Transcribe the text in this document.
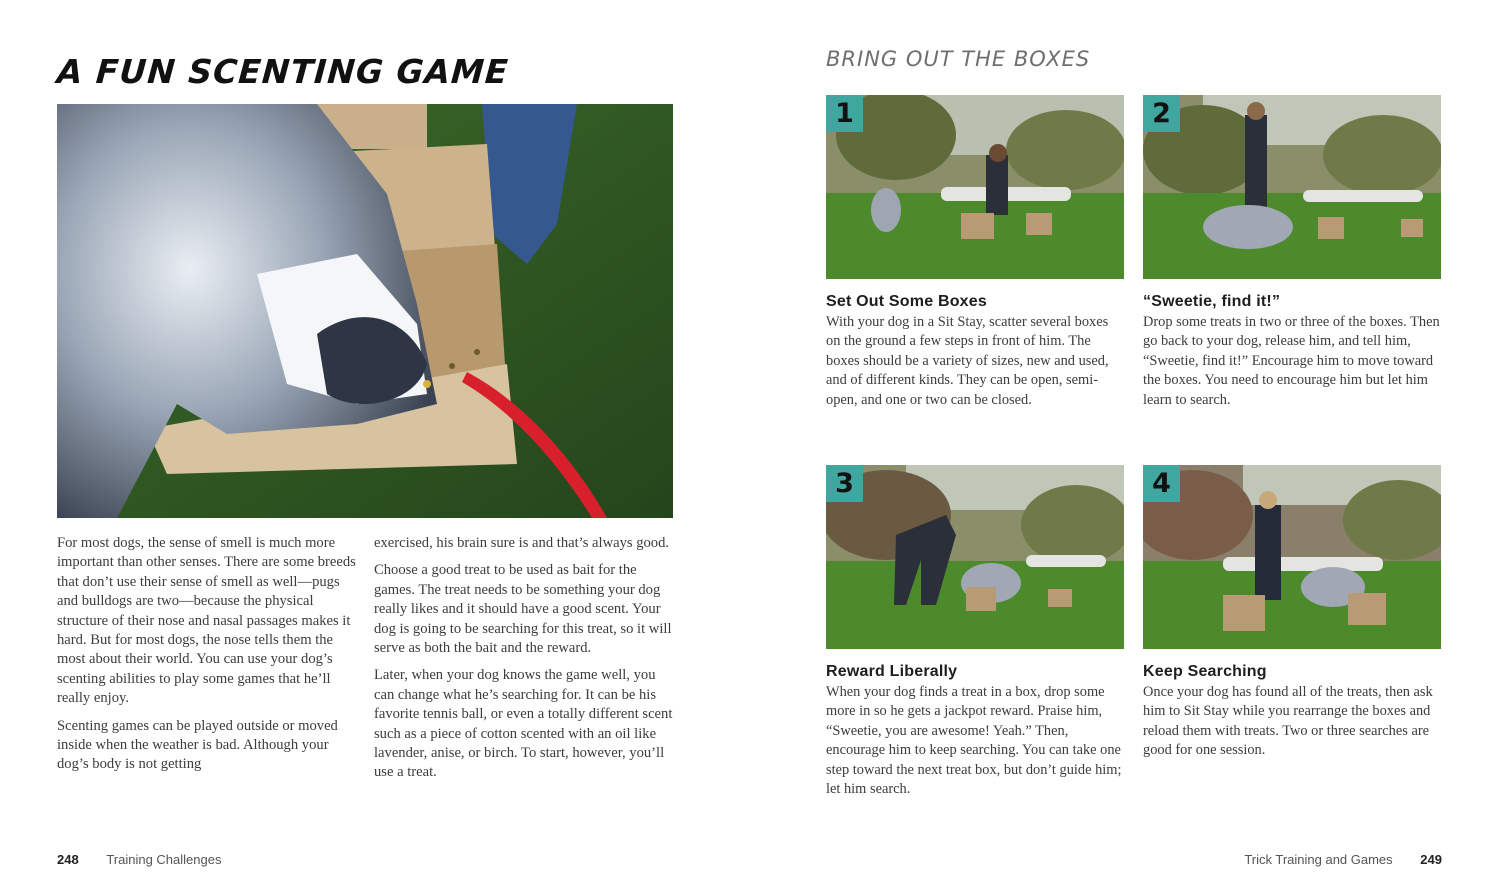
A FUN SCENTING GAME

For most dogs, the sense of smell is much more important than other senses. There are some breeds that don’t use their sense of smell as well—pugs and bulldogs are two—because the physical structure of their nose and nasal passages makes it hard. But for most dogs, the nose tells them the most about their world. You can use your dog’s scenting abilities to play some games that he’ll really enjoy.

Scenting games can be played outside or moved inside when the weather is bad. Although your dog’s body is not getting

exercised, his brain sure is and that’s always good.

Choose a good treat to be used as bait for the games. The treat needs to be something your dog really likes and it should have a good scent. Your dog is going to be searching for this treat, so it will serve as both the bait and the reward.

Later, when your dog knows the game well, you can change what he’s searching for. It can be his favorite tennis ball, or even a totally different scent such as a piece of cotton scented with an oil like lavender, anise, or birch. To start, however, you’ll use a treat.

248 Training Challenges
BRING OUT THE BOXES
1
Set Out Some Boxes

With your dog in a Sit Stay, scatter several boxes on the ground a few steps in front of him. The boxes should be a variety of sizes, new and used, and of different kinds. They can be open, semi-open, and one or two can be closed.

2
“Sweetie, find it!”

Drop some treats in two or three of the boxes. Then go back to your dog, release him, and tell him, “Sweetie, find it!” Encourage him to move toward the boxes. You need to encourage him but let him learn to search.

3
Reward Liberally

When your dog finds a treat in a box, drop some more in so he gets a jackpot reward. Praise him, “Sweetie, you are awesome! Yeah.” Then, encourage him to keep searching. You can take one step toward the next treat box, but don’t guide him; let him search.

4
Keep Searching

Once your dog has found all of the treats, then ask him to Sit Stay while you rearrange the boxes and reload them with treats. Two or three searches are good for one session.

Trick Training and Games 249
